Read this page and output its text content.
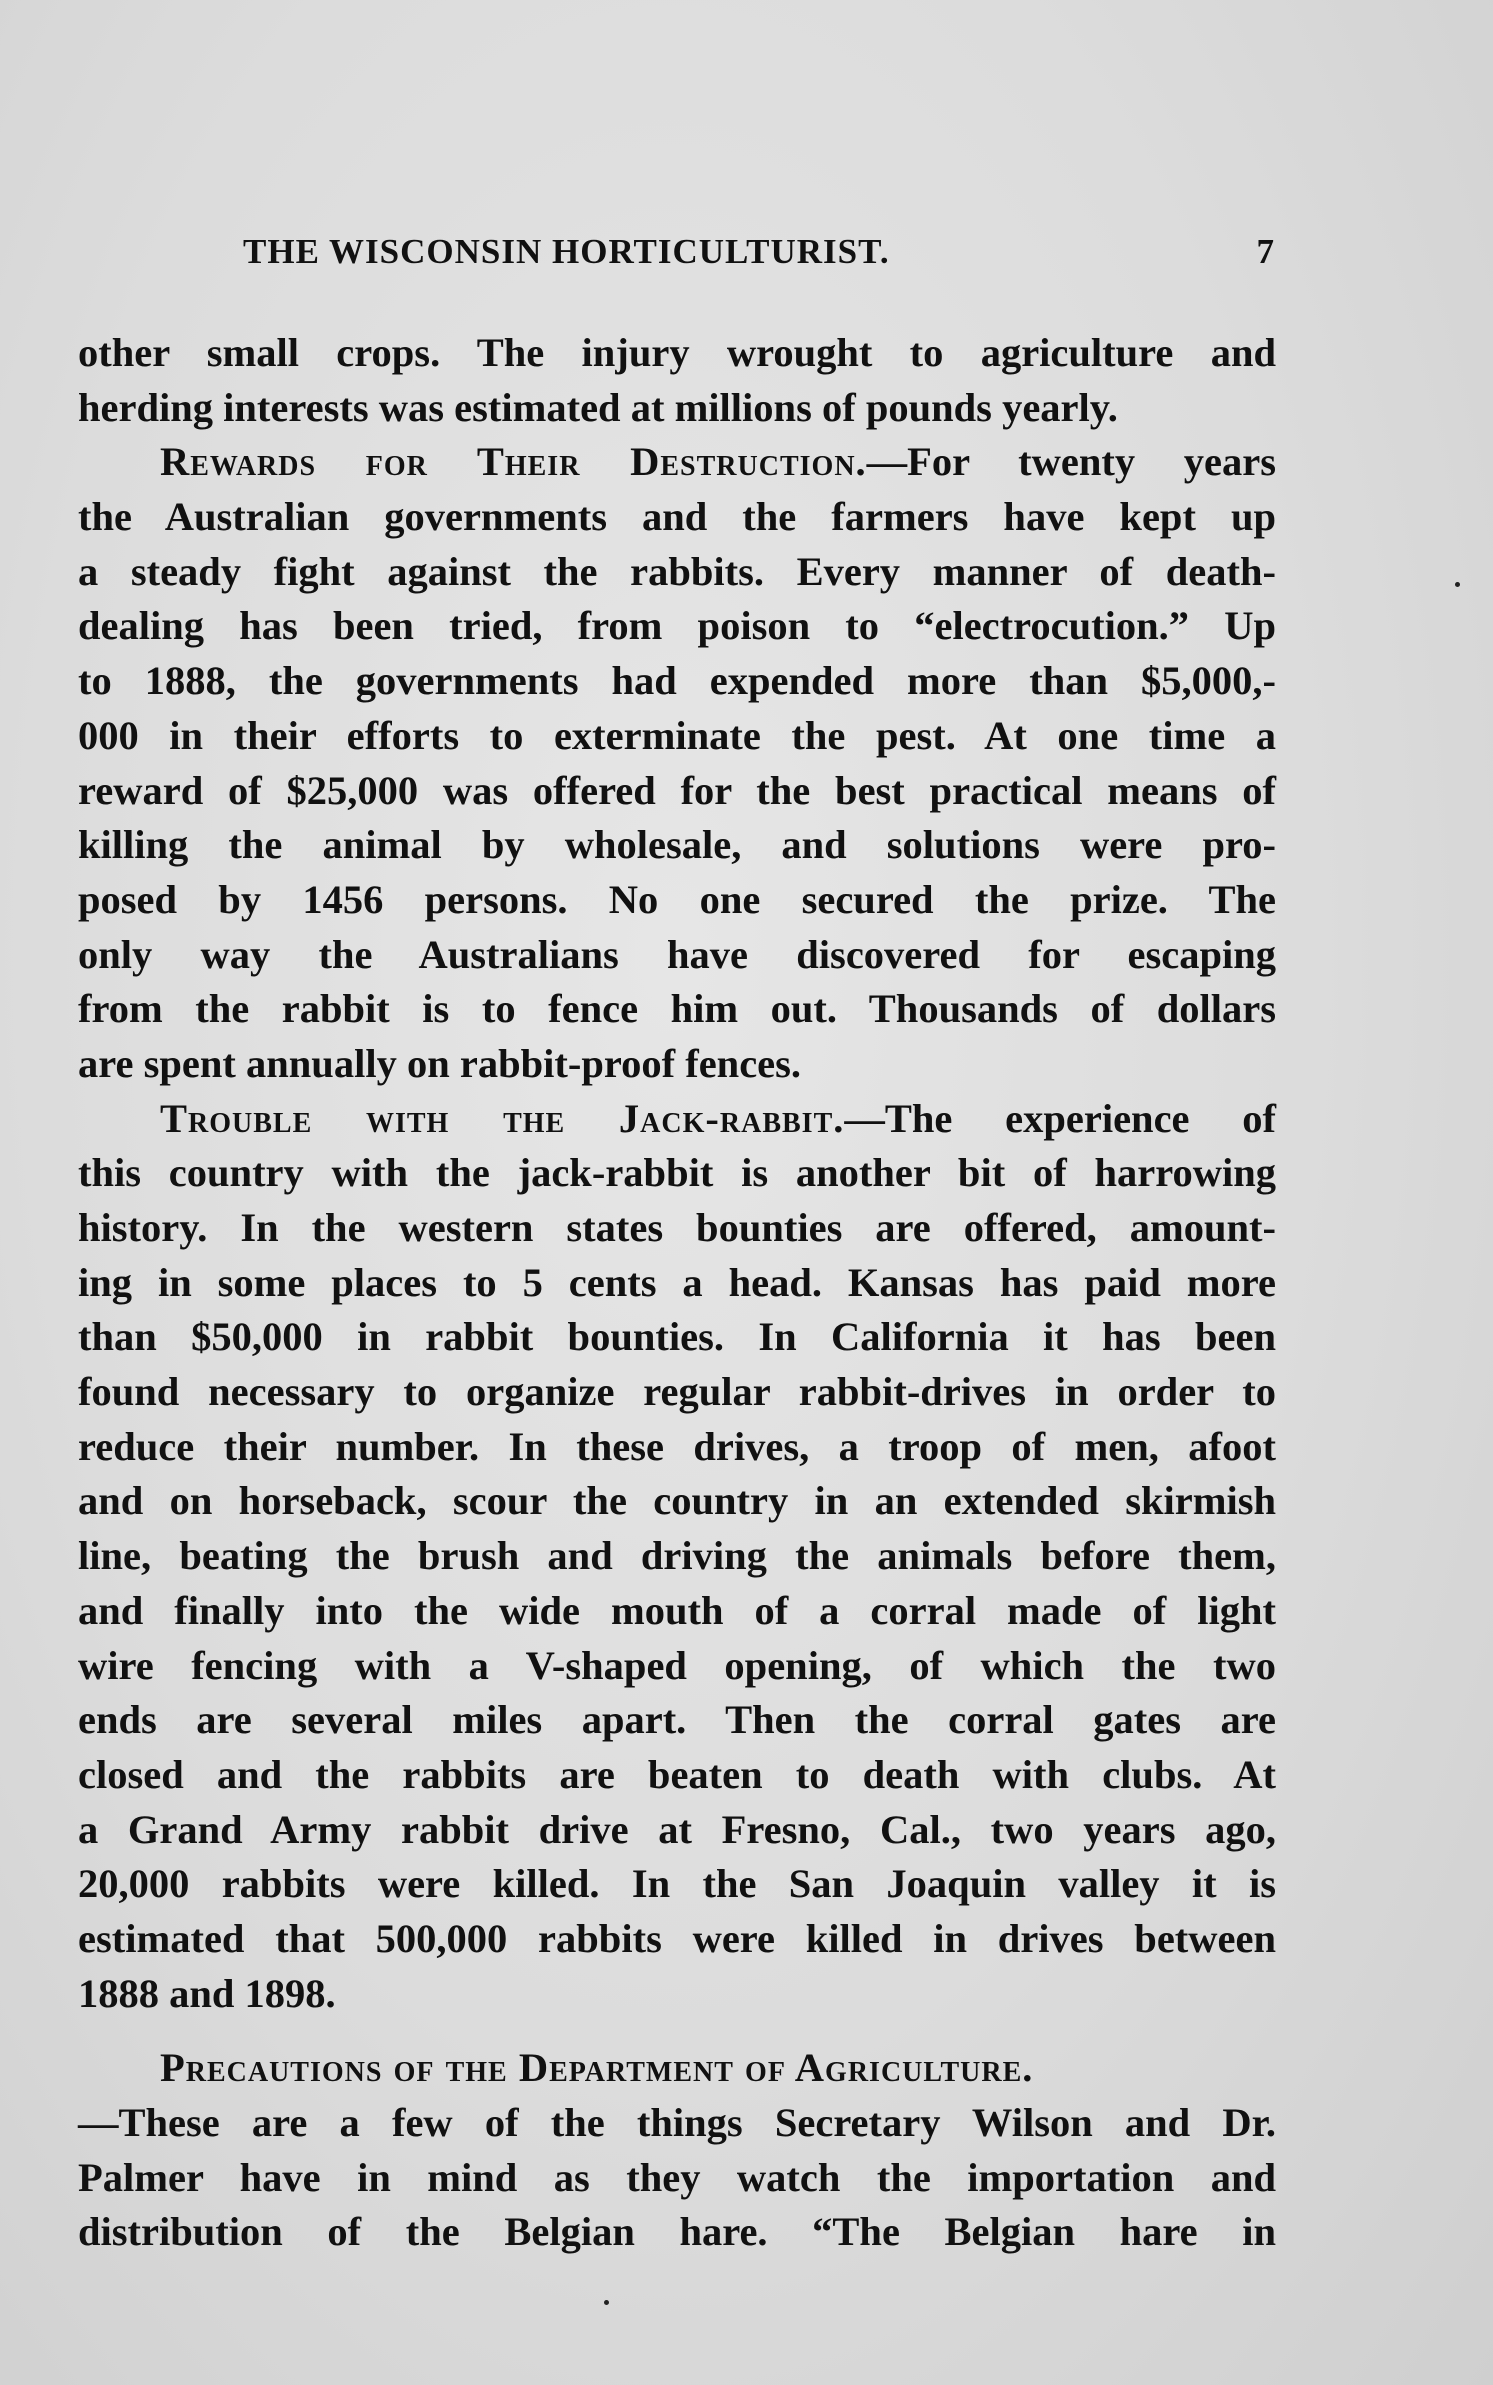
THE WISCONSIN HORTICULTURIST.	7
other small crops. The injury wrought to agriculture and
herding interests was estimated at millions of pounds yearly.
Rewards for Their Destruction.—For twenty years
the Australian governments and the farmers have kept up
a steady fight against the rabbits. Every manner of death-
dealing has been tried, from poison to “electrocution.” Up
to 1888, the governments had expended more than $5,000,-
000 in their efforts to exterminate the pest. At one time a
reward of $25,000 was offered for the best practical means of
killing the animal by wholesale, and solutions were pro-
posed by 1456 persons. No one secured the prize. The
only way the Australians have discovered for escaping
from the rabbit is to fence him out. Thousands of dollars
are spent annually on rabbit-proof fences.
Trouble with the Jack-rabbit.—The experience of
this country with the jack-rabbit is another bit of harrowing
history. In the western states bounties are offered, amount-
ing in some places to 5 cents a head. Kansas has paid more
than $50,000 in rabbit bounties. In California it has been
found necessary to organize regular rabbit-drives in order to
reduce their number. In these drives, a troop of men, afoot
and on horseback, scour the country in an extended skirmish
line, beating the brush and driving the animals before them,
and finally into the wide mouth of a corral made of light
wire fencing with a V-shaped opening, of which the two
ends are several miles apart. Then the corral gates are
closed and the rabbits are beaten to death with clubs. At
a Grand Army rabbit drive at Fresno, Cal., two years ago,
20,000 rabbits were killed. In the San Joaquin valley it is
estimated that 500,000 rabbits were killed in drives between
1888 and 1898.
Precautions of the Department of Agriculture.
—These are a few of the things Secretary Wilson and Dr.
Palmer have in mind as they watch the importation and
distribution of the Belgian hare. “The Belgian hare in
